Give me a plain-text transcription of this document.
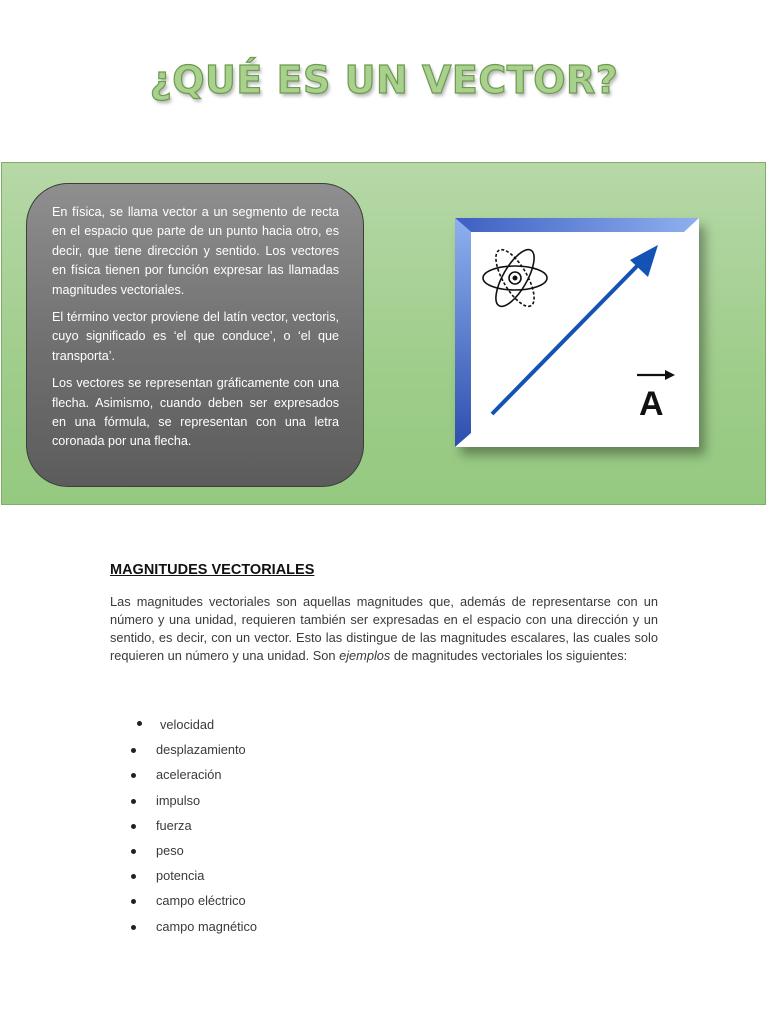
¿QUÉ ES UN VECTOR?

En física, se llama vector a un segmento de recta en el espacio que parte de un punto hacia otro, es decir, que tiene dirección y sentido. Los vectores en física tienen por función expresar las llamadas magnitudes vectoriales.

El término vector proviene del latín vector, vectoris, cuyo significado es ‘el que conduce’, o ‘el que transporta’.

Los vectores se representan gráficamente con una flecha. Asimismo, cuando deben ser expresados en una fórmula, se representan con una letra coronada por una flecha.

A
MAGNITUDES VECTORIALES

Las magnitudes vectoriales son aquellas magnitudes que, además de representarse con un número y una unidad, requieren también ser expresadas en el espacio con una dirección y un sentido, es decir, con un vector. Esto las distingue de las magnitudes escalares, las cuales solo requieren un número y una unidad. Son ejemplos de magnitudes vectoriales los siguientes:

velocidad
desplazamiento
aceleración
impulso
fuerza
peso
potencia
campo eléctrico
campo magnético
